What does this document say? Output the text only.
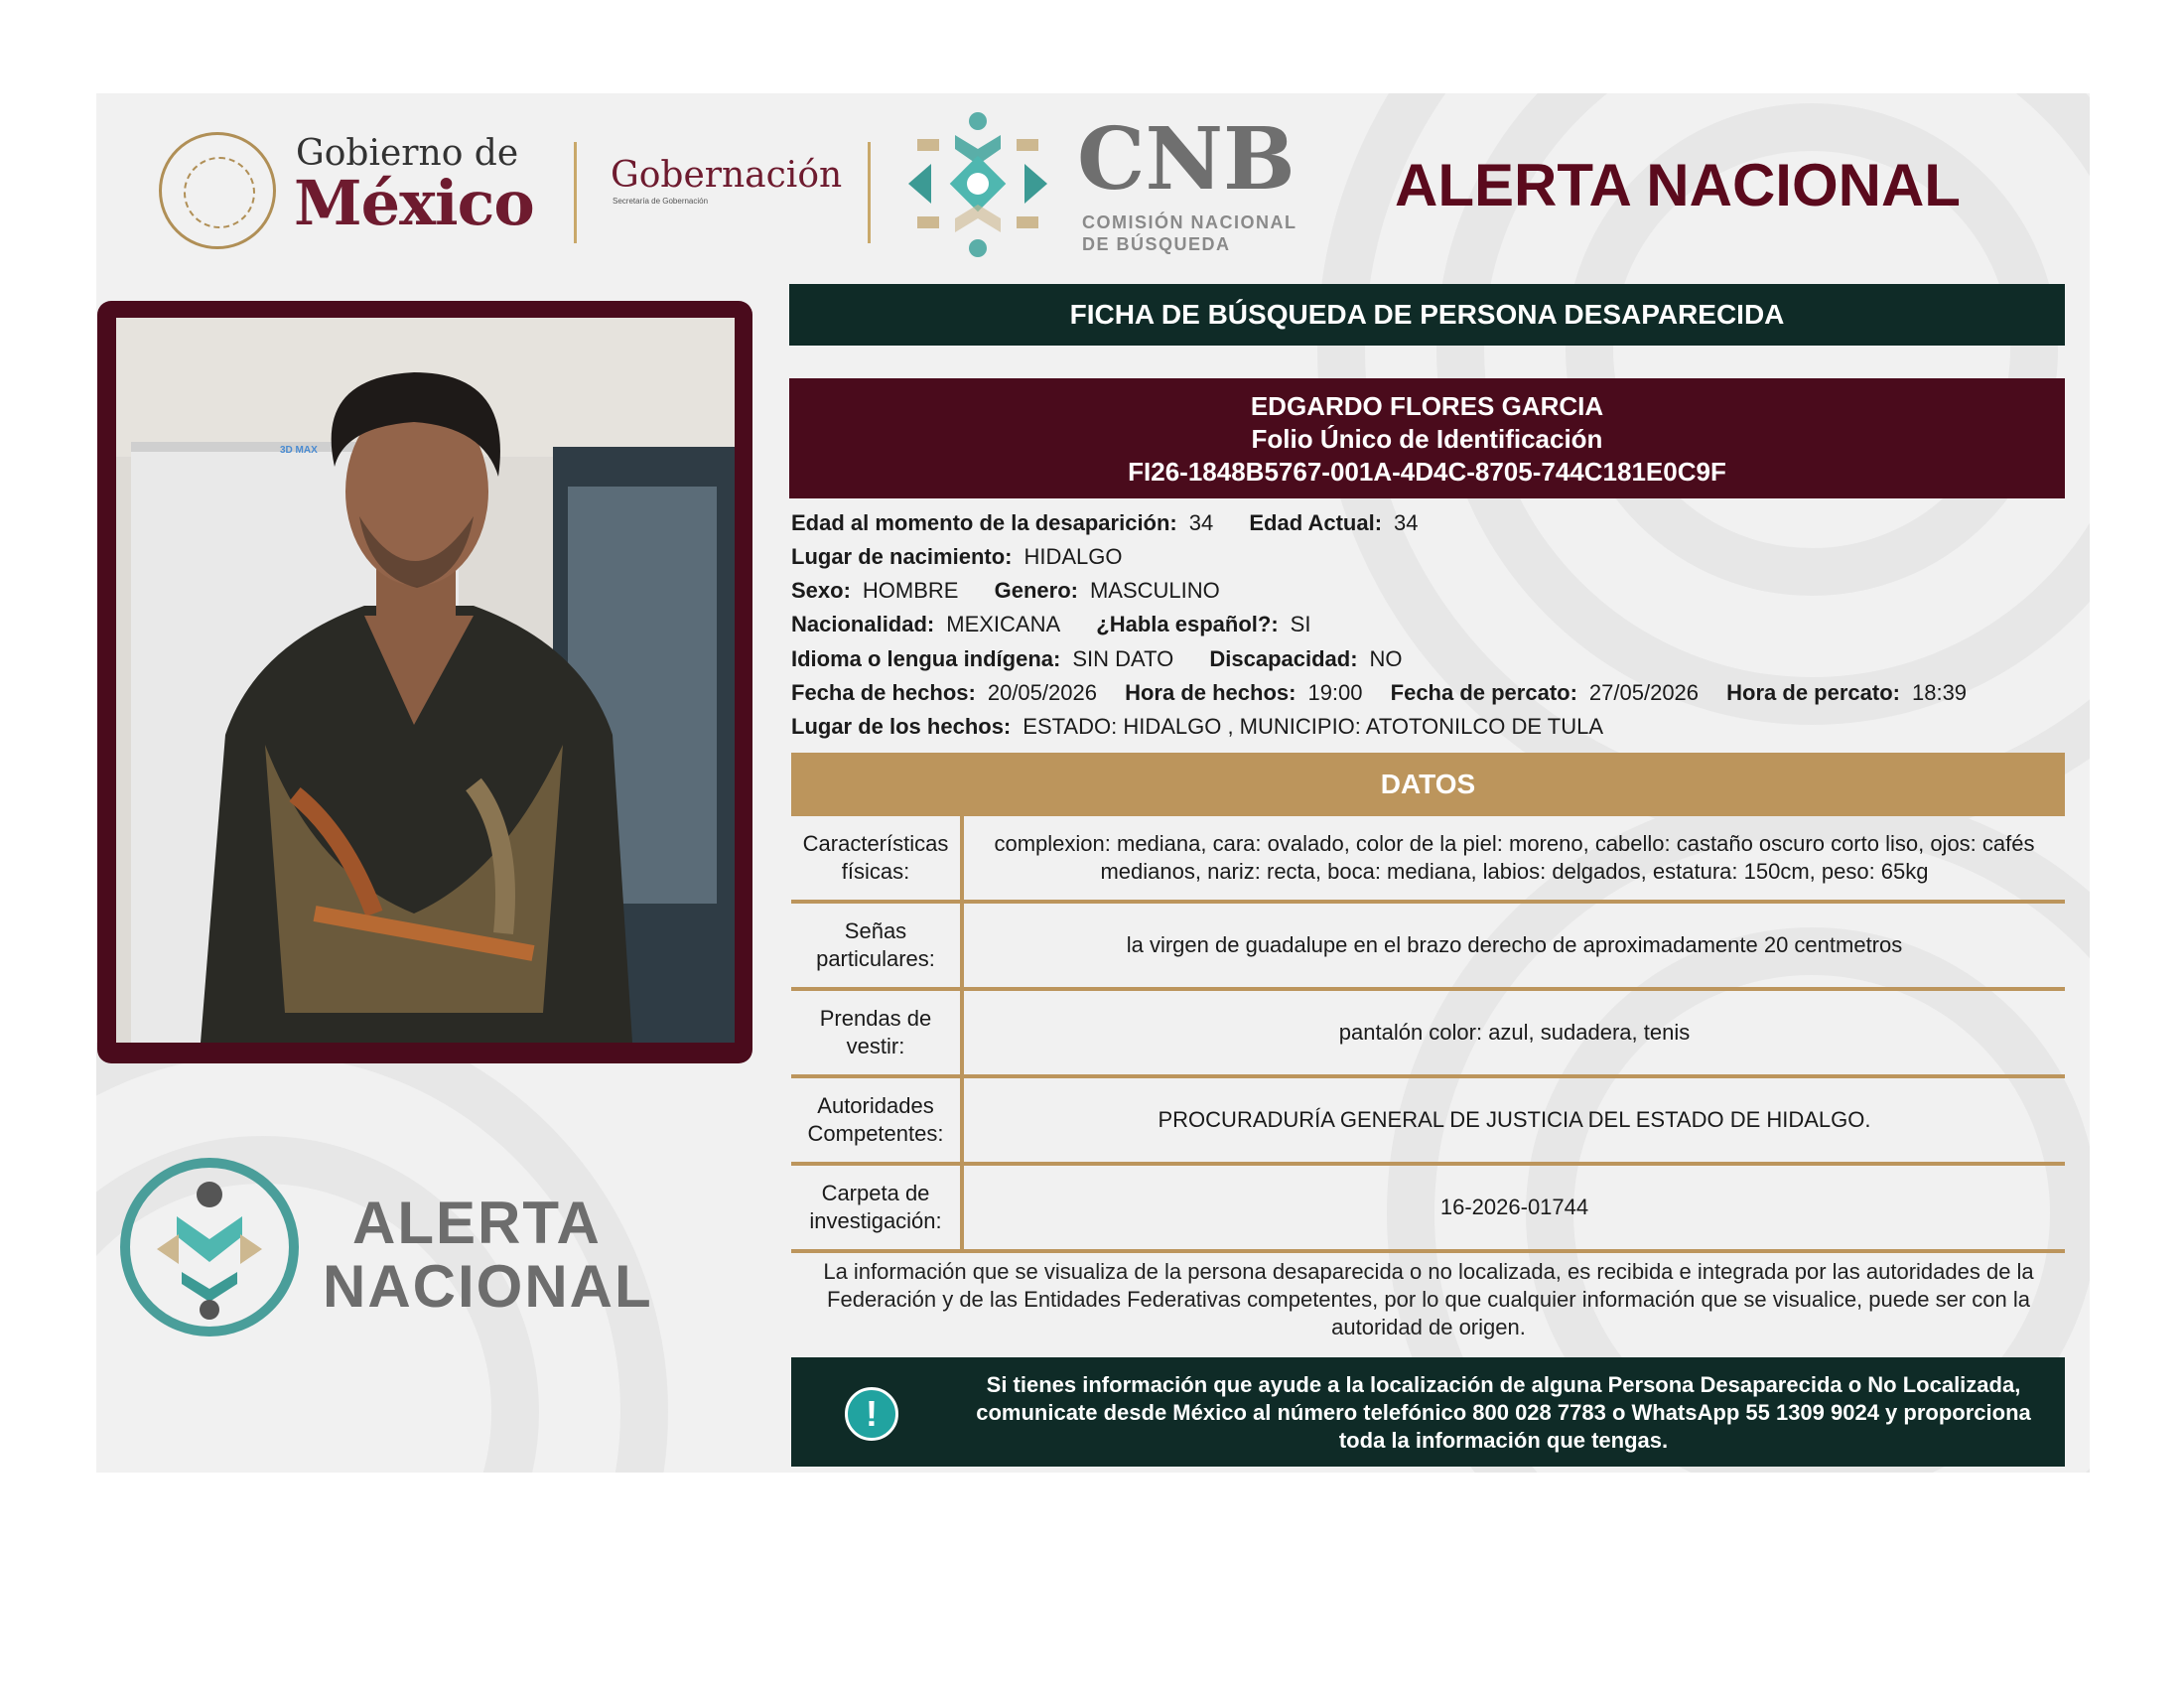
Gobierno de
México Gobernación
Secretaría de Gobernación	CNB
COMISIÓN NACIONAL
DE BÚSQUEDA
ALERTA NACIONAL
3D MAX
ALERTA
NACIONAL
FICHA DE BÚSQUEDA DE PERSONA DESAPARECIDA
EDGARDO FLORES GARCIA
Folio Único de Identificación
FI26-1848B5767-001A-4D4C-8705-744C181E0C9F
Edad al momento de la desaparición: 34 Edad Actual: 34
Lugar de nacimiento: HIDALGO
Sexo: HOMBRE Genero: MASCULINO
Nacionalidad: MEXICANA ¿Habla español?: SI
Idioma o lengua indígena: SIN DATO Discapacidad: NO
Fecha de hechos: 20/05/2026 Hora de hechos: 19:00 Fecha de percato: 27/05/2026 Hora de percato: 18:39
Lugar de los hechos: ESTADO: HIDALGO , MUNICIPIO: ATOTONILCO DE TULA
DATOS
Características físicas:
complexion: mediana, cara: ovalado, color de la piel: moreno, cabello: castaño oscuro corto liso, ojos: cafés medianos, nariz: recta, boca: mediana, labios: delgados, estatura: 150cm, peso: 65kg
Señas particulares:
la virgen de guadalupe en el brazo derecho de aproximadamente 20 centmetros
Prendas de vestir:
pantalón color: azul, sudadera, tenis
Autoridades Competentes:
PROCURADURÍA GENERAL DE JUSTICIA DEL ESTADO DE HIDALGO.
Carpeta de investigación:
16-2026-01744
La información que se visualiza de la persona desaparecida o no localizada, es recibida e integrada por las autoridades de la Federación y de las Entidades Federativas competentes, por lo que cualquier información que se visualice, puede ser con la autoridad de origen.
!
Si tienes información que ayude a la localización de alguna Persona Desaparecida o No Localizada, comunicate desde México al número telefónico 800 028 7783 o WhatsApp 55 1309 9024 y proporciona toda la información que tengas.
